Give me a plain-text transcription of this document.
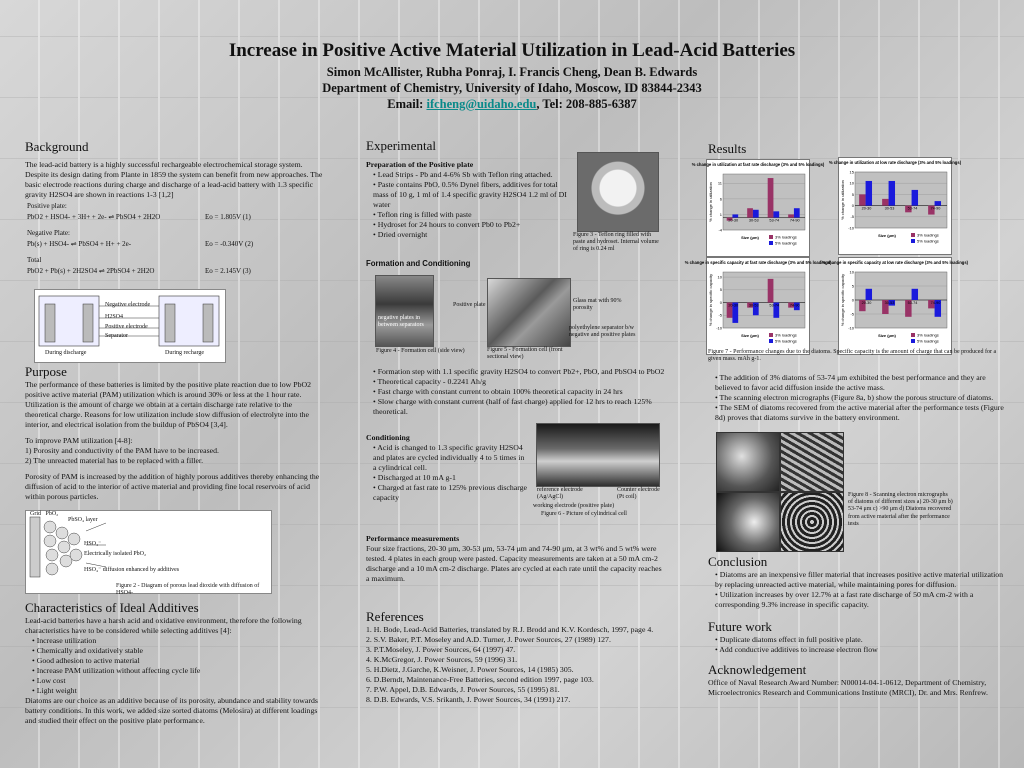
Increase in Positive Active Material Utilization in Lead-Acid Batteries
Simon McAllister, Rubha Ponraj, I. Francis Cheng, Dean B. Edwards
Department of Chemistry, University of Idaho, Moscow, ID 83844-2343
Email: ifcheng@uidaho.edu, Tel: 208-885-6387
Background
The lead-acid battery is a highly successful rechargeable electrochemical storage system. Despite its design dating from Plante in 1859 the system can benefit from new approaches. The basic electrode reactions during charge and discharge of a lead-acid battery with 1.3 specific gravity H2SO4 are shown in reactions 1-3 [1,2]
Positive plate:
PbO2 + HSO4- + 3H+ + 2e- ⇌ PbSO4 + 2H2O	Eo = 1.805V (1)
Negative Plate:
Pb(s) + HSO4- ⇌ PbSO4 + H+ + 2e-	Eo = -0.340V (2)
Total
PbO2 + Pb(s) + 2H2SO4 ⇌ 2PbSO4 + 2H2O	Eo = 2.145V (3)
Negative electrode
H2SO4
Positive electrode
Separator
During discharge	During recharge
Purpose

The performance of these batteries is limited by the positive plate reaction due to low PbO2 positive active material (PAM) utilization which is around 30% or less at the 1 hour rate. Utilization is the amount of charge we obtain at a certain discharge rate relative to the theoretical charge. Reasons for low utilization include slow diffusion of electrolyte into the interior, and electrical isolation from the buildup of PbSO4 [3,4].

To improve PAM utilization [4-8]:

1) Porosity and conductivity of the PAM have to be increased.

2) The unreacted material has to be replaced with a filler.

Porosity of PAM is increased by the addition of highly porous additives thereby enhancing the diffusion of acid to the interior of active material and providing fine local reservoirs of acid within porous particles.

Grid   PbO₂
PbSO₄ layer
HSO₄⁻
Electrically isolated PbO₂
HSO₄⁻ diffusion enhanced by additives
Figure 2 - Diagram of porous lead dioxide with diffusion of HSO4-
Characteristics of Ideal Additives

Lead-acid batteries have a harsh acid and oxidative environment, therefore the following characteristics have to be considered while selecting additives [4]:

• Increase utilization
• Chemically and oxidatively stable
• Good adhesion to active material
• Increase PAM utilization without affecting cycle life
• Low cost
• Light weight

Diatoms are our choice as an additive because of its porosity, abundance and stability towards battery conditions. In this work, we added size sorted diatoms (Melosira) at different loadings and studied their effect on the positive plate performance.

Experimental
Preparation of the Positive plate
• Lead Strips - Pb and 4-6% Sb with Teflon ring attached.
• Paste contains PbO, 0.5% Dynel fibers, additives for total mass of 10 g, 1 ml of 1.4 specific gravity H2SO4 1.2 ml of DI water
• Teflon ring is filled with paste
• Hydroset for 24 hours to convert Pb0 to Pb2+
• Dried overnight	Figure 3 - Teflon ring filled with paste and hydroset. Internal volume of ring is 0.24 ml
Formation and Conditioning
negative plates in between separators
Figure 4 - Formation cell (side view)
Positive plate
Glass mat with 90% porosity
polyethylene separator b/w negative and positive plates
Figure 5 - Formation cell (front sectional view)
• Formation step with 1.1 specific gravity H2SO4 to convert Pb2+, PbO, and PbSO4 to PbO2
• Theoretical capacity - 0.2241 Ah/g
• Fast charge with constant current to obtain 100% theoretical capacity in 24 hrs
• Slow charge with constant current (half of fast charge) applied for 12 hrs to reach 125% theoretical.
Conditioning
• Acid is changed to 1.3 specific gravity H2SO4 and plates are cycled individually 4 to 5 times in a cylindrical cell.
• Discharged at 10 mA g-1
• Charged at fast rate to 125% previous discharge capacity
reference electrode (Ag/AgCl)
Counter electrode (Pt coil)
working electrode (positive plate)
Figure 6 - Picture of cylindrical cell
Performance measurements
Four size fractions, 20-30 μm, 30-53 μm, 53-74 μm and 74-90 μm, at 3 wt% and 5 wt% were tested. 4 plates in each group were pasted. Capacity measurements are taken at a 50 mA cm-2 discharge and a 10 mA cm-2 discharge. Plates are cycled at each rate until the capacity reaches a maximum.
References
1. H. Bode, Lead-Acid Batteries, translated by R.J. Brodd and K.V. Kordesch, 1997, page 4.
2. S.V. Baker, P.T. Moseley and A.D. Turner, J. Power Sources, 27 (1989) 127.
3. P.T.Moseley, J. Power Sources, 64 (1997) 47.
4. K.McGregor, J. Power Sources, 59 (1996) 31.
5. H.Dietz, J.Garche, K.Weisner, J. Power Sources, 14 (1985) 305.
6. D.Berndt, Maintenance-Free Batteries, second edition 1997, page 103.
7. P.W. Appel, D.B. Edwards, J. Power Sources, 55 (1995) 81.
8. D.B. Edwards, V.S. Srikanth, J. Power Sources, 34 (1991) 217.
Results
% change in utilization at fast rate discharge (3% and 5% loadings)
-4
1
6
11
% change in utilization	20-30	30-53	53-74	74-90
Size (μm)	3% loadings
5% loadings
% change in utilization at low rate discharge (3% and 5% loadings)
-10
-5
0
5
10
15
% change in utilization	20-30	30-53	53-74	74-90
Size (μm)	3% loadings
5% loadings
% change in specific capacity at fast rate discharge (3% and 5% loadings)
-10
-5
0
5
10
% change in specific capacity	20-30	30-53	53-74	74-90
Size (μm)	3% loadings
5% loadings
% change in specific capacity at low rate discharge (3% and 5% loadings)
-10
-5
0
5
10
% change in specific capacity	20-30	30-53	53-74	74-90
Size (μm)	3% loadings
5% loadings
Figure 7 - Performance changes due to the diatoms. Specific capacity is the amount of charge that can be produced for a given mass. mAh g-1.
• The addition of 3% diatoms of 53-74 μm exhibited the best performance and they are believed to favor acid diffusion inside the active mass.
• The scanning electron micrographs (Figure 8a, b) show the porous structure of diatoms.
• The SEM of diatoms recovered from the active material after the performance tests (Figure 8d) proves that diatoms survive in the battery environment.
Figure 8 - Scanning electron micrographs of diatoms of different sizes a) 20-30 μm b) 53-74 μm c) >90 μm d) Diatoms recovered from active material after the performance tests
Conclusion
• Diatoms are an inexpensive filler material that increases positive active material utilization by replacing unreacted active material, while maintaining pores for diffusion.
• Utilization increases by over 12.7% at a fast rate discharge of 50 mA cm-2 with a corresponding 9.3% increase in specific capacity.
Future work
• Duplicate diatoms effect in full positive plate.
• Add conductive additives to increase electron flow
Acknowledgement
Office of Naval Research Award Number: N00014-04-1-0612, Department of Chemistry, Microelectronics Research and Communications Institute (MRCI), Dr. and Mrs. Renfrew.
